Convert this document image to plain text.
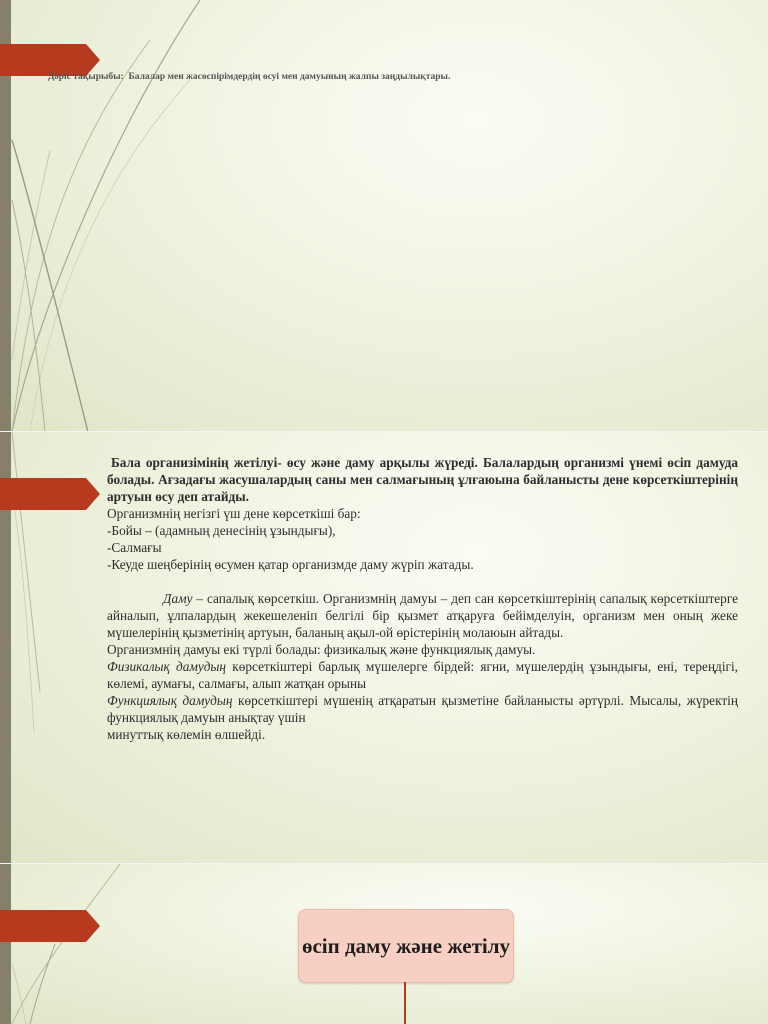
Дәріс тақырыбы: Балалар мен жасөспірімдердің өсуі мен дамуының жалпы заңдылықтары.

Бала организімінің жетілуі- өсу және даму арқылы жүреді. Балалардың организмі үнемі өсіп дамуда болады. Ағзадағы жасушалардың саны мен салмағының ұлғаюына байланысты дене көрсеткіштерінің артуын өсу деп атайды.

Организмнің негізгі үш дене көрсеткіші бар:

-Бойы – (адамның денесінің ұзындығы),

-Салмағы

-Кеуде шеңберінің өсумен қатар организмде даму жүріп жатады.

Даму – сапалық көрсеткіш. Организмнің дамуы – деп сан көрсеткіштерінің сапалық көрсеткіштерге айналып, ұлпалардың жекешеленіп белгілі бір қызмет атқаруға бейімделуін, организм мен оның жеке мүшелерінің қызметінің артуын, баланың ақыл-ой өрістерінің молаюын айтады.

Организмнің дамуы екі түрлі болады: физикалық және функциялық дамуы.

Физикалық дамудың көрсеткіштері барлық мүшелерге бірдей: ягни, мүшелердің ұзындығы, ені, тереңдігі, көлемі, аумағы, салмағы, алып жатқан орыны

Функциялық дамудың көрсеткіштері мүшенің атқаратын қызметіне байланысты әртүрлі. Мысалы, жүректің функциялық дамуын анықтау үшін

минуттық көлемін өлшейді.

өсіп даму және жетілу
